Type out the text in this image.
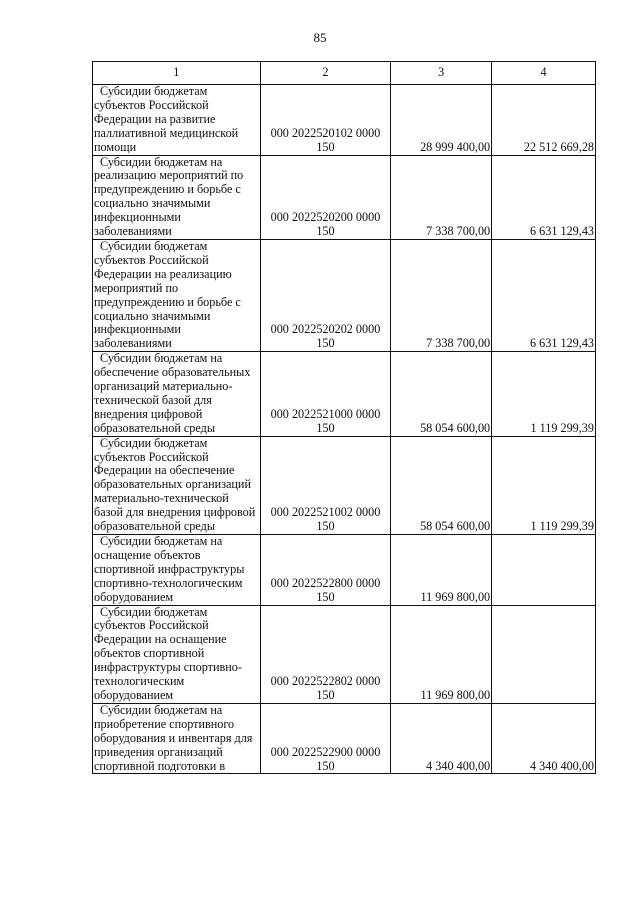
85
1	2	3	4

Субсидии бюджетам субъектов Российской Федерации на развитие паллиативной медицинской помощи	000 2022520102 0000
150	28 999 400,00	22 512 669,28

Субсидии бюджетам на реализацию мероприятий по предупреждению и борьбе с социально значимыми инфекционными заболеваниями	000 2022520200 0000
150	7 338 700,00	6 631 129,43

Субсидии бюджетам субъектов Российской Федерации на реализацию мероприятий по предупреждению и борьбе с социально значимыми инфекционными заболеваниями	000 2022520202 0000
150	7 338 700,00	6 631 129,43

Субсидии бюджетам на обеспечение образовательных организаций материально-технической базой для внедрения цифровой образовательной среды	000 2022521000 0000
150	58 054 600,00	1 119 299,39

Субсидии бюджетам субъектов Российской Федерации на обеспечение образовательных организаций материально-технической базой для внедрения цифровой образовательной среды	000 2022521002 0000
150	58 054 600,00	1 119 299,39

Субсидии бюджетам на оснащение объектов спортивной инфраструктуры спортивно-технологическим оборудованием	000 2022522800 0000
150	11 969 800,00	

Субсидии бюджетам субъектов Российской Федерации на оснащение объектов спортивной инфраструктуры спортивно-технологическим оборудованием	000 2022522802 0000
150	11 969 800,00	

Субсидии бюджетам на приобретение спортивного оборудования и инвентаря для приведения организаций спортивной подготовки в	000 2022522900 0000
150	4 340 400,00	4 340 400,00
